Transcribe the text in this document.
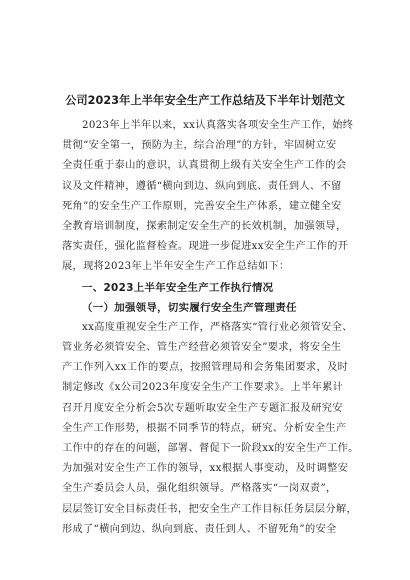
公司2023年上半年安全生产工作总结及下半年计划范文
2023年上半年以来，xx认真落实各项安全生产工作，始终
贯彻“安全第一，预防为主，综合治理”的方针，牢固树立安
全责任重于泰山的意识，认真贯彻上级有关安全生产工作的会
议及文件精神，遵循“横向到边、纵向到底、责任到人、不留
死角”的安全生产工作原则，完善安全生产体系，建立健全安
全教育培训制度，探索制定安全生产的长效机制，加强领导，
落实责任，强化监督检查。现进一步促进xx安全生产工作的开
展，现将2023年上半年安全生产工作总结如下：
一、2023上半年安全生产工作执行情况
（一）加强领导，切实履行安全生产管理责任
xx高度重视安全生产工作，严格落实“管行业必须管安全、
管业务必须管安全、管生产经营必须管安全”要求，将安全生
产工作列入xx工作的要点，按照管理局和会务集团要求，及时
制定修改《x公司2023年度安全生产工作要求》。上半年累计
召开月度安全分析会5次专题听取安全生产专题汇报及研究安
全生产工作形势，根据不同季节的特点，研究、分析安全生产
工作中的存在的问题，部署、督促下一阶段xx的安全生产工作。
为加强对安全生产工作的领导，xx根据人事变动，及时调整安
全生产委员会人员，强化组织领导。严格落实“一岗双责”，
层层签订安全目标责任书，把安全生产工作目标任务层层分解，
形成了“横向到边、纵向到底、责任到人、不留死角”的安全
